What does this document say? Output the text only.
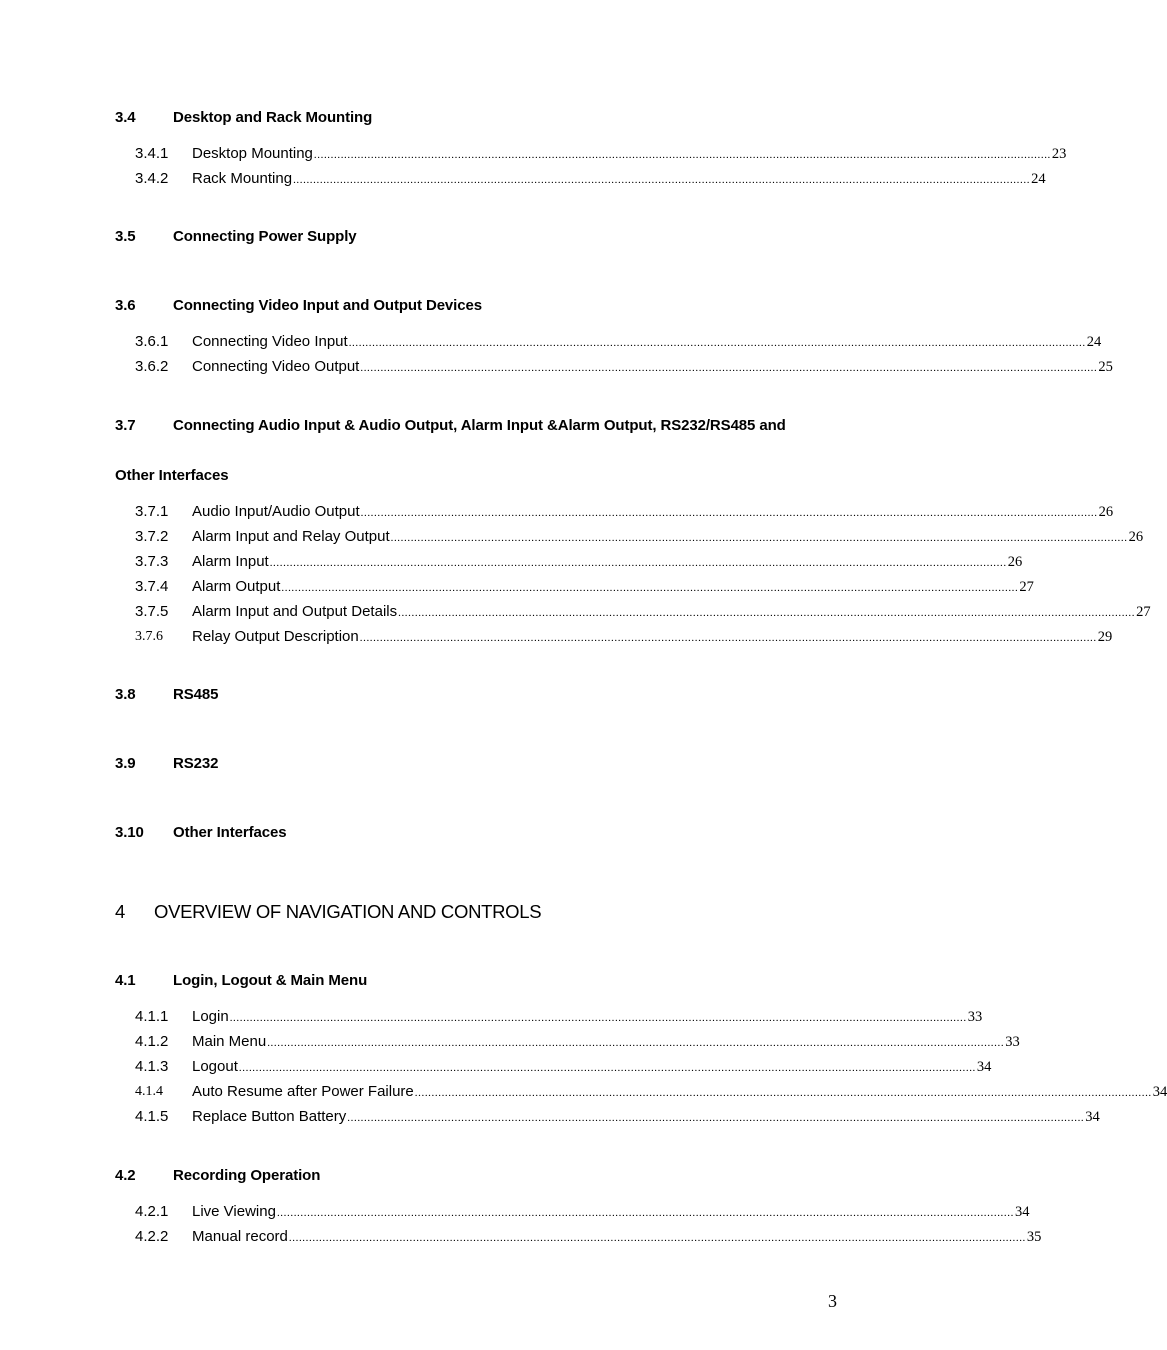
3.4 Desktop and Rack Mounting
3.4.1 Desktop Mounting ............................................................................................................................................................................................................................ 23
3.4.2 Rack Mounting ............................................................................................................................................................................................................................ 24
3.5 Connecting Power Supply
3.6 Connecting Video Input and Output Devices
3.6.1 Connecting Video Input ............................................................................................................................................................................................................................ 24
3.6.2 Connecting Video Output ............................................................................................................................................................................................................................ 25
3.7 Connecting Audio Input & Audio Output, Alarm Input &Alarm Output, RS232/RS485 and
Other Interfaces
3.7.1 Audio Input/Audio Output ............................................................................................................................................................................................................................ 26
3.7.2 Alarm Input and Relay Output ............................................................................................................................................................................................................................ 26
3.7.3 Alarm Input ............................................................................................................................................................................................................................ 26
3.7.4 Alarm Output ............................................................................................................................................................................................................................ 27
3.7.5 Alarm Input and Output Details ............................................................................................................................................................................................................................ 27
3.7.6 Relay Output Description ............................................................................................................................................................................................................................ 29
3.8 RS485
3.9 RS232
3.10 Other Interfaces
4 OVERVIEW OF NAVIGATION AND CONTROLS
4.1 Login, Logout & Main Menu
4.1.1 Login ............................................................................................................................................................................................................................ 33
4.1.2 Main Menu ............................................................................................................................................................................................................................ 33
4.1.3 Logout ............................................................................................................................................................................................................................ 34
4.1.4 Auto Resume after Power Failure ............................................................................................................................................................................................................................ 34
4.1.5 Replace Button Battery ............................................................................................................................................................................................................................ 34
4.2 Recording Operation
4.2.1 Live Viewing ............................................................................................................................................................................................................................ 34
4.2.2 Manual record ............................................................................................................................................................................................................................ 35
3
